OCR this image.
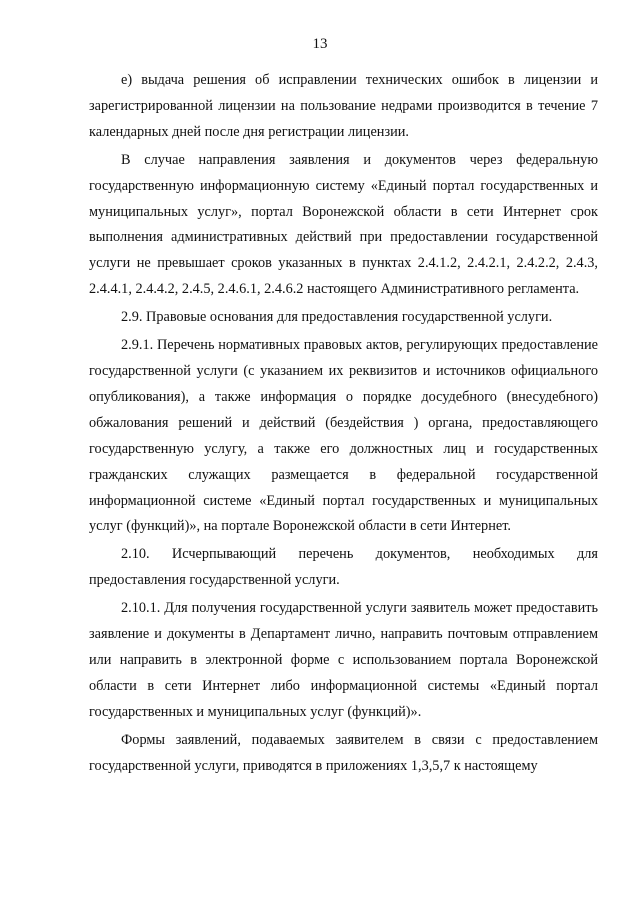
13

е) выдача решения об исправлении технических ошибок в лицензии и зарегистрированной лицензии на пользование недрами производится в течение 7 календарных дней после дня регистрации лицензии.

В случае направления заявления и документов через федеральную государственную информационную систему «Единый портал государственных и муниципальных услуг», портал Воронежской области в сети Интернет срок выполнения административных действий при предоставлении государственной услуги не превышает сроков указанных в пунктах 2.4.1.2, 2.4.2.1, 2.4.2.2, 2.4.3, 2.4.4.1, 2.4.4.2, 2.4.5, 2.4.6.1, 2.4.6.2 настоящего Административного регламента.

2.9. Правовые основания для предоставления государственной услуги.

2.9.1. Перечень нормативных правовых актов, регулирующих предоставление государственной услуги (с указанием их реквизитов и источников официального опубликования), а также информация о порядке досудебного (внесудебного) обжалования решений и действий (бездействия ) органа, предоставляющего государственную услугу, а также его должностных лиц и государственных гражданских служащих размещается в федеральной государственной информационной системе «Единый портал государственных и муниципальных услуг (функций)», на портале Воронежской области в сети Интернет.

2.10. Исчерпывающий перечень документов, необходимых для предоставления государственной услуги.

2.10.1. Для получения государственной услуги заявитель может предоставить заявление и документы в Департамент лично, направить почтовым отправлением или направить в электронной форме с использованием портала Воронежской области в сети Интернет либо информационной системы «Единый портал государственных и муниципальных услуг (функций)».

Формы заявлений, подаваемых заявителем в связи с предоставлением государственной услуги, приводятся в приложениях 1,3,5,7 к настоящему
